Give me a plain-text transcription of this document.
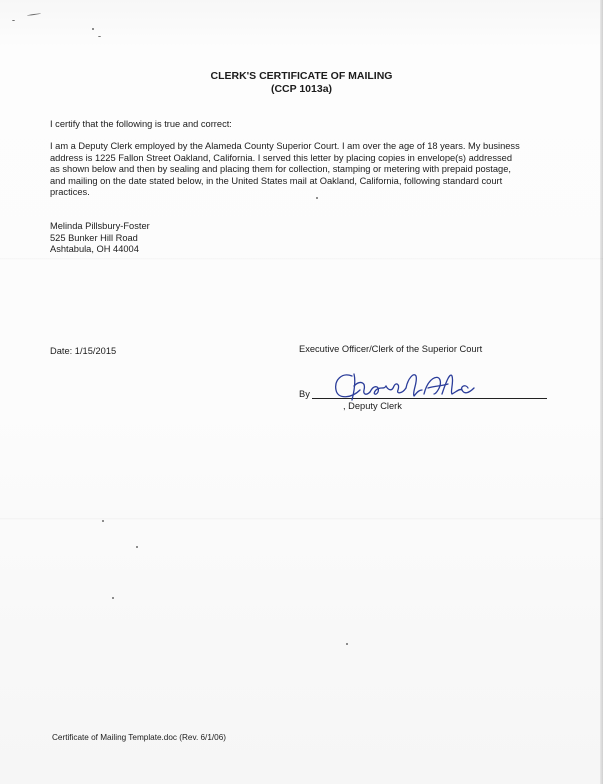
CLERK'S CERTIFICATE OF MAILING
(CCP 1013a)
I certify that the following is true and correct:
I am a Deputy Clerk employed by the Alameda County Superior Court. I am over the age of 18 years. My business
address is 1225 Fallon Street Oakland, California. I served this letter by placing copies in envelope(s) addressed
as shown below and then by sealing and placing them for collection, stamping or metering with prepaid postage,
and mailing on the date stated below, in the United States mail at Oakland, California, following standard court
practices.
Melinda Pillsbury-Foster
525 Bunker Hill Road
Ashtabula, OH 44004
Date: 1/15/2015	Executive Officer/Clerk of the Superior Court
By
, Deputy Clerk
Certificate of Mailing Template.doc (Rev. 6/1/06)
